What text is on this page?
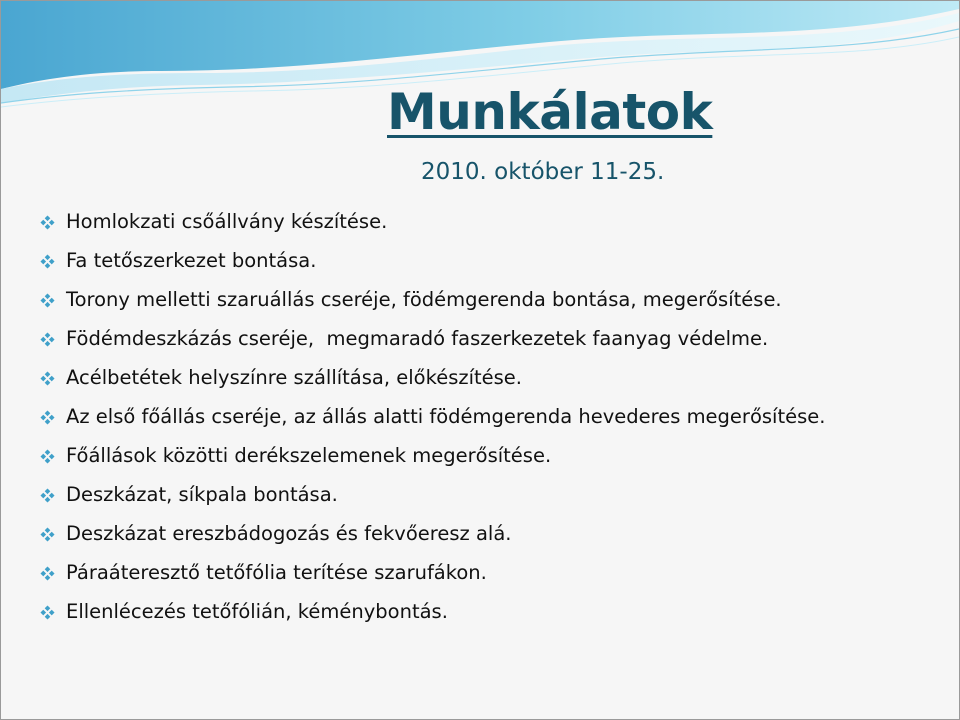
Munkálatok
2010. október 11-25.
Homlokzati csőállvány készítése.
Fa tetőszerkezet bontása.
Torony melletti szaruállás cseréje, födémgerenda bontása, megerősítése.
Födémdeszkázás cseréje,  megmaradó faszerkezetek faanyag védelme.
Acélbetétek helyszínre szállítása, előkészítése.
Az első főállás cseréje, az állás alatti födémgerenda hevederes megerősítése.
Főállások közötti derékszelemenek megerősítése.
Deszkázat, síkpala bontása.
Deszkázat ereszbádogozás és fekvőeresz alá.
Páraáteresztő tetőfólia terítése szarufákon.
Ellenlécezés tetőfólián, kéménybontás.
